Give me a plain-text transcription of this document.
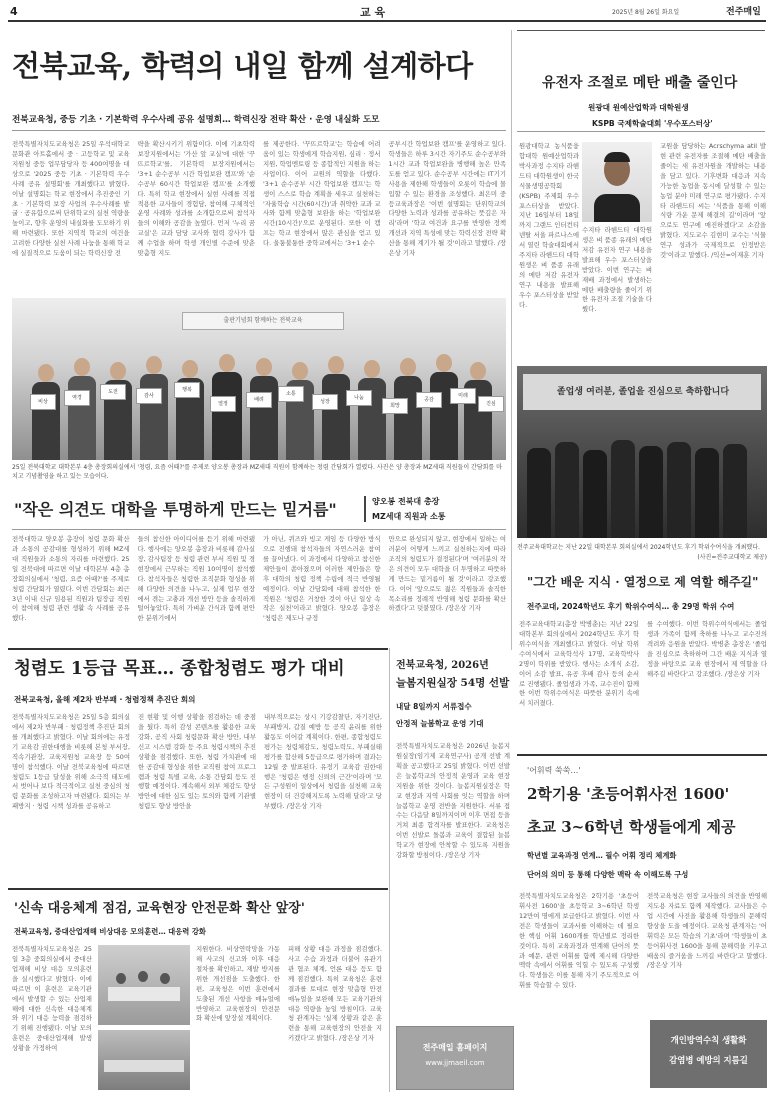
4	교 육	2025년 8월 26일 화요일	전주매일
전북교육, 학력의 내일 함께 설계하다
전북교육청, 중등 기초 · 기본학력 우수사례 공유 설명회… 학력신장 전략 확산 · 운영 내실화 도모
전북특별자치도교육청은 25일 우석대학교 문화관 아트홀에서 중 · 고등학교 및 교육지원청 중등 업무담당자 등 400여명을 대상으로 '2025 중등 기초 · 기본학력 우수사례 공유 설명회'를 개최했다고 밝혔다. 이날 설명회는 학교 현장에서 추진중인 기초 · 기본학력 보장 사업의 우수사례를 발굴 · 공유함으로써 단위학교의 실천 역량을 높이고, 향후 운영의 내실화를 도모하기 위해 마련됐다. 또한 지역적 학교의 여건을 고려한 다양한 실천 사례 나눔을 통해 학교에 실질적으로 도움이 되는 학력신장 전
략을 확산시키기 위함이다. 이에 기초학력 보장지원에서는 '가산 앞 교실'에 대한 '꾸뜨르학교'를, 기본학력 보장지원에서는 '3+1 순수공부 시간 학업보완 캠프'와 '순수공부 60시간 학업보완 캠프'를 소개했다. 특히 학교 현장에서 실현 사례를 직접 적용한 교사들이 경험담, 참여해 구체적인 운영 사례와 성과를 소개함으로써 참석자들의 이해와 공감을 높였다. 먼저 '누리 꿈교실'은 교과 담당 교사와 협력 강사가 함께 수업을 하며 학생 개인별 수준에 맞춘 맞춤형 지도
를 제공한다. '꾸뜨르학교'는 학습에 어려움이 있는 학생에게 학습지원, 심리 · 정서 지원, 학업멘토링 등 종합적인 지원을 하는 사업이다. 이어 교원의 역할을 다했다. '3+1 순수공부 시간 학업보완 캠프'는 학생이 스스로 학습 계획을 세우고 실천하는 '자율학습 시간(60시간)'과 취약한 교과 교사와 함께 맞춤형 보완을 하는 '학업보완 시간(10시간)'으로 운영된다. 또한 이 캠프는 학교 현장에서 많은 관심을 얻고 있다. 울퉁불퉁한 중학교에서는 '3+1 순수
공부시간 학업보완 캠프'를 운영하고 있다. 학생들은 하루 3시간 자기주도 순수공부와 1시간 교과 학업보완을 병행해 높은 만족도를 얻고 있다. 순수공부 시간에는 IT기기 사용을 제한해 학생들이 오롯이 학습에 몰입할 수 있는 환경을 조성했다. 최은미 중등교육과장은 '이번 설명회는 단위학교의 다양한 노력과 성과를 공유하는 뜻깊은 자리'라며 '학교 여건과 요구를 반영한 정책 개선과 지역 특성에 맞는 학력신장 전략 확산을 통해 계기가 될 것'이라고 말했다. /장은상 기자
출판기념회 함께하는 전북교육
비상
역경
도전
감사
행복
열정
배려
소통
성장
나눔
희망
공감
미래
진심
25일 전북대학교 대학본부 4층 총장회의실에서 '청렴, 요즘 어때?'를 주제로 양오봉 총장과 MZ세대 직원이 함께하는 청렴 간담회가 열렸다. 사진은 양 총장과 MZ세대 직원들이 간담회를 마치고 기념촬영을 하고 있는 모습이다.
"작은 의견도 대학을 투명하게 만드는 밑거름"	양오봉 전북대 총장
MZ세대 직원과 소통
전북대학교 양오봉 총장이 청렴 문화 확산과 소통의 공감대를 형성하기 위해 MZ세대 직원들과 소통의 자리를 마련했다. 25일 전북대에 따르면 이날 대학본부 4층 총장회의실에서 '청렴, 요즘 어때?'를 주제로 청렴 간담회가 열렸다. 이번 간담회는 최근 3년 이내 신규 임용된 직원과 팀장급 직원이 참여해 청렴 관련 생활 속 사례를 공유했다.
들의 참신한 아이디어를 듣기 위해 마련됐다. 행사에는 양오봉 총장과 비롯해 감사실장, 감사팀장 등 청렴 관련 부서 직원 및 경 현장에서 근무하는 직원 10여명이 참석했다. 참석자들은 청렴한 조직문화 형성을 위해 다양한 의견을 나누고, 실제 업무 현장에서 겪는 고충과 개선 방안 등을 솔직하게 털어놓았다. 특히 가벼운 간식과 함께 편안한 분위기에서
가 아닌, 퀴즈와 빙고 게임 등 다양한 방식으로 진행돼 참석자들의 자연스러운 참여를 끌어냈다. 이 과정에서 다양하고 참신한 제안들이 쏟아졌으며 이러한 제안들은 향후 대학의 청렴 정책 수립에 적극 반영될 예정이다. 이날 간담회에 대해 참석한 한 직원은 '청렴은 거창한 것이 아닌 일상 속 작은 실천'이라고 밝혔다. 양오봉 총장은 '청렴은 제도나 규정
만으로 완성되지 않고, 현장에서 일하는 여러분이 어떻게 느끼고 실천하는지에 따라 조직의 청렴도가 결정된다'며 '여러분의 작은 의견이 모두 대학을 더 투명하고 따뜻하게 만드는 밑거름이 될 것'이라고 강조했다. 이어 '앞으로도 젊은 직원들과 솔직한 목소리를 정례적 반영해 청렴 문화를 확산하겠다'고 덧붙였다. /장은상 기자
청렴도 1등급 목표… 종합청렴도 평가 대비
전북교육청, 올해 제2차 반부패 · 청렴정책 추진단 회의
전북특별자치도교육청은 25일 5층 회의실에서 제2차 반부패 · 청렴정책 추진단 회의를 개최했다고 밝혔다. 이날 회의에는 유정기 교육감 권한대행을 비롯해 본청 부서장, 직속기관장, 교육지원청 교육장 등 50여 명이 참석했다. 이날 전북교육청에 따르면 청렴도 1등급 달성을 위해 소극적 태도에서 벗어나 보다 적극적이고 실천 중심의 청렴 문화를 조성하고자 마련됐다. 회의는 부패방지 · 청렴 시책 성과를 공유하고
진 현황 및 이행 상황을 점검하는 데 중점을 뒀다. 특히 감성 콘텐츠를 활용한 교육 강화, 공직 사회 청렴문화 확산 방안, 내부 신고 시스템 강화 등 주요 청렴시책의 추진 상황을 점검했다. 또한, 청렴 가치관에 대한 공감대 형성을 위한 교직원 참여 프로그램과 청렴 특별 교육, 소통 간담회 등도 진행할 예정이다. 계속해서 외부 체감도 향상 방안에 대한 심도 있는 토의와 함께 기관별 청렴도 향상 방안을
내부적으로는 상시 기강감찰단, 자기진단, 부패방지, 갑질 예방 등 공직 윤리를 위한 활동도 이어갈 계획이다. 한편, 종합청렴도 평가는 청렴체감도, 청렴노력도, 부패실태 평가를 합산해 5등급으로 평가하며 결과는 12월 중 발표된다. 유정기 교육감 권한대행은 '청렴은 행정 신뢰의 근간'이라며 '모든 구성원이 일상에서 청렴을 실천해 교육 현장이 더 건강해지도록 노력해 달라'고 당부했다. /장은상 기자
'신속 대응체계 점검, 교육현장 안전문화 확산 앞장'
전북교육청, 중대산업재해 비상대응 모의훈련… 대응력 강화
전북특별자치도교육청은 25일 3층 중회의실에서 중대산업재해 비상 대응 모의훈련을 실시했다고 밝혔다. 이에 따르면 이 훈련은 교육기관에서 발생할 수 있는 산업재해에 대한 신속한 대응체계와 위기 대응 능력을 점검하기 위해 진행됐다. 이날 모의훈련은 중대산업재해 발생 상황을 가정하여
지원한다. 비상연락망을 가동해 사고의 신고와 이후 대응 절차를 확인하고, 재발 방지를 위한 개선점을 도출했다. 한편, 교육청은 이번 훈련에서 도출된 개선 사항을 매뉴얼에 반영하고 교육현장의 안전문화 확산에 앞장설 계획이다.
피해 상황 대응 과정을 점검했다. 사고 수습 과정과 더불어 유관기관 협조 체계, 언론 대응 등도 함께 점검했다. 특히 교육청은 훈련 결과를 토대로 현장 맞춤형 안전 매뉴얼을 보완해 모든 교육기관의 대응 역량을 높일 방침이다. 교육청 관계자는 '실제 상황과 같은 훈련을 통해 교육현장의 안전을 지키겠다'고 밝혔다. /장은상 기자
전북교육청, 2026년
늘봄지원실장 54명 선발
내달 8일까지 서류접수
안정적 늘봄학교 운영 기대
전북특별자치도교육청은 2026년 늘봄지원실장(임기제 교육연구사) 공개 선발 계획을 공고했다고 25일 밝혔다. 이번 선발은 늘봄학교의 안정적 운영과 교육 현장 지원을 위한 것이다. 늘봄지원실장은 학교 현장과 지역 사회를 잇는 역할을 하며 늘봄학교 운영 전반을 지원한다. 서류 접수는 다음달 8일까지이며 이후 면접 등을 거쳐 최종 합격자를 발표한다. 교육청은 이번 선발로 돌봄과 교육이 결합된 늘봄학교가 현장에 안착할 수 있도록 지원을 강화할 방침이다. /장은상 기자
전주매일 홈페이지
www.jjmaeil.com
유전자 조절로 메탄 배출 줄인다
원광대 원예산업학과 대학원생
KSPB 국제학술대회 '우수포스터상'
원광대학교 농식품융합대학 원예산업학과 박사과정 수지타 라헨드티 대학원생이 한국식물생명공학회(KSPB) 주제회 우수포스터상을 받았다. 지난 16일부터 18일까지 그랜드 인터컨티넨탈 서울 파르나스에서 열린 학술대회에서 주지타 라헨드티 대학원생은 벼 품종 유래의 메탄 저감 유전자 연구 내용을 발표해 우수 포스터상을 받았다.
수지타 라헨드티 대학원생은 벼 품종 유래의 메탄 저감 유전자 연구 내용을 발표해 우수 포스터상을 받았다. 이번 연구는 벼 재배 과정에서 발생하는 메탄 배출량을 줄이기 위한 유전자 조절 기술을 다뤘다.
교원을 담당하는 Acrschyma atil 발현 관련 유전자를 조절해 메탄 배출을 줄이는 새 유전자원을 개발하는 내용을 담고 있다. 기후변화 대응과 지속 가능한 농업을 동시에 달성할 수 있는 농업 분야 미래 연구로 평가됐다. 수지타 라헨드티 씨는 '식품을 통해 이해 식량 가운 문제 해결의 길'이라며 '앞으로도 연구에 매진하겠다'고 소감을 밝혔다. 지도교수 김현미 교수는 '식물 연구 성과가 국제적으로 인정받은 것'이라고 말했다. /익산=이재훈 기자
졸업생 여러분, 졸업을 진심으로 축하합니다
전주교육대학교는 지난 22일 대학본부 회의실에서 2024학년도 후기 학위수여식을 개최했다.
(사진=전주교대학교 제공)
"그간 배운 지식 · 열정으로 제 역할 해주길"
전주교대, 2024학년도 후기 학위수여식… 총 29명 학위 수여
전주교육대학교(총장 박병춘)는 지난 22일 대학본부 회의실에서 2024학년도 후기 학위수여식을 개최했다고 밝혔다. 이날 학위수여식에서 교육학석사 17명, 교육학박사 2명이 학위를 받았다. 행사는 소개식 소감, 이어 소감 발표, 유공 후배 감사 등의 순서로 진행됐다. 졸업생과 가족, 교수진이 함께한 이번 학위수여식은 따뜻한 분위기 속에서 치러졌다.
를 수여했다. 이번 학위수여식에서는 졸업생과 가족이 함께 축하를 나누고 교수진의 격려와 응원을 받았다. 박병춘 총장은 '졸업을 진심으로 축하하며 그간 배운 지식과 열정을 바탕으로 교육 현장에서 제 역할을 다해주길 바란다'고 강조했다. /장은상 기자
'어휘력 쑥쑥…'
2학기용 '초등어휘사전 1600'
초교 3~6학년 학생들에게 제공
학년별 교육과정 연계… 필수 어휘 정리 체계화
단어의 의미 등 통해 다양한 맥락 속 이해도록 구성
전북특별자치도교육청은 2학기용 '초등어휘사전 1600'을 초등학교 3~6학년 학생 12만여 명에게 보급한다고 밝혔다. 이번 사전은 학생들이 교과서를 이해하는 데 필요한 핵심 어휘 1600개를 학년별로 정리한 것이다. 특히 교육과정과 연계해 단어의 뜻과 예문, 관련 어휘를 함께 제시해 다양한 맥락 속에서 어휘를 익힐 수 있도록 구성했다. 학생들은 이를 통해 자기 주도적으로 어휘를 학습할 수 있다.
전북교육청은 현장 교사들의 의견을 반영해 지도용 자료도 함께 제작했다. 교사들은 수업 시간에 사전을 활용해 학생들의 문해력 향상을 도울 예정이다. 교육청 관계자는 '어휘력은 모든 학습의 기초'라며 '학생들이 초등어휘사전 1600을 통해 문해력을 키우고 배움의 즐거움을 느끼길 바란다'고 말했다. /장은상 기자
개인방역수칙 생활화
감염병 예방의 지름길
